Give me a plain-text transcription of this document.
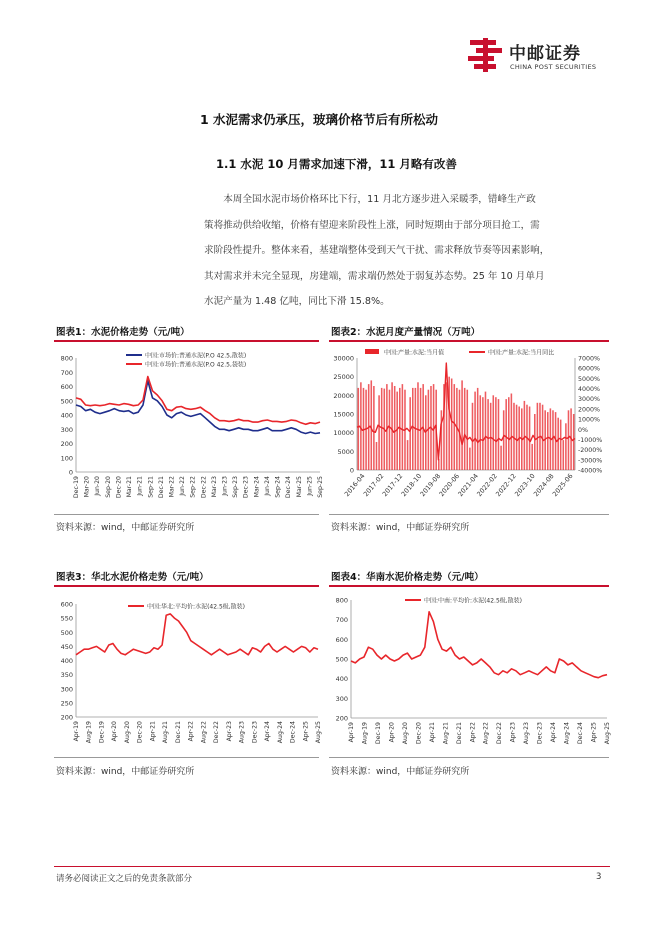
中邮证券
CHINA POST SECURITIES
1 水泥需求仍承压，玻璃价格节后有所松动
1.1 水泥 10 月需求加速下滑，11 月略有改善

本周全国水泥市场价格环比下行，11 月北方逐步进入采暖季，错峰生产政

策将推动供给收缩，价格有望迎来阶段性上涨，同时短期由于部分项目抢工，需

求阶段性提升。整体来看，基建端整体受到天气干扰、需求释放节奏等因素影响，

其对需求并未完全显现，房建端，需求端仍然处于弱复苏态势。25 年 10 月单月

水泥产量为 1.48 亿吨，同比下滑 15.8%。

图表1：水泥价格走势（元/吨）	图表2：水泥月度产量情况（万吨）
0
100
200
300
400
500
600
700
800
Dec-19 Mar-20 Jun-20 Sep-20 Dec-20 Mar-21 Jun-21 Sep-21 Dec-21 Mar-22 Jun-22 Sep-22 Dec-22 Mar-23 Jun-23 Sep-23 Dec-23 Mar-24 Jun-24 Sep-24 Dec-24 Mar-25 Jun-25 Sep-25
中国:市场价:普通水泥(P.O 42.5,散装)
中国:市场价:普通水泥(P.O 42.5,袋装)
0
5000
10000
15000
20000
25000
30000
-4000%
-3000%
-2000%
-1000%
0%
1000%
2000%
3000%
4000%
5000%
6000%
7000%
2016-04
2017-02
2017-12
2018-10
2019-08
2020-06
2021-04
2022-02
2022-12
2023-10
2024-08
2025-06
中国:产量:水泥:当月值	中国:产量:水泥:当月同比
资料来源：wind，中邮证券研究所	资料来源：wind，中邮证券研究所
图表3：华北水泥价格走势（元/吨）	图表4：华南水泥价格走势（元/吨）
200
250
300
350
400
450
500
550
600
Apr-19 Aug-19 Dec-19 Apr-20 Aug-20 Dec-20 Apr-21 Aug-21 Dec-21 Apr-22 Aug-22 Dec-22 Apr-23 Aug-23 Dec-23 Apr-24 Aug-24 Dec-24 Apr-25 Aug-25
中国:华北:平均价:水泥(42.5级,散装)
200
300
400
500
600
700
800
Apr-19 Aug-19 Dec-19 Apr-20 Aug-20 Dec-20 Apr-21 Aug-21 Dec-21 Apr-22 Aug-22 Dec-22 Apr-23 Aug-23 Dec-23 Apr-24 Aug-24 Dec-24 Apr-25 Aug-25
中国:中南:平均价:水泥(42.5级,散装)
资料来源：wind，中邮证券研究所	资料来源：wind，中邮证券研究所
请务必阅读正文之后的免责条款部分	3
